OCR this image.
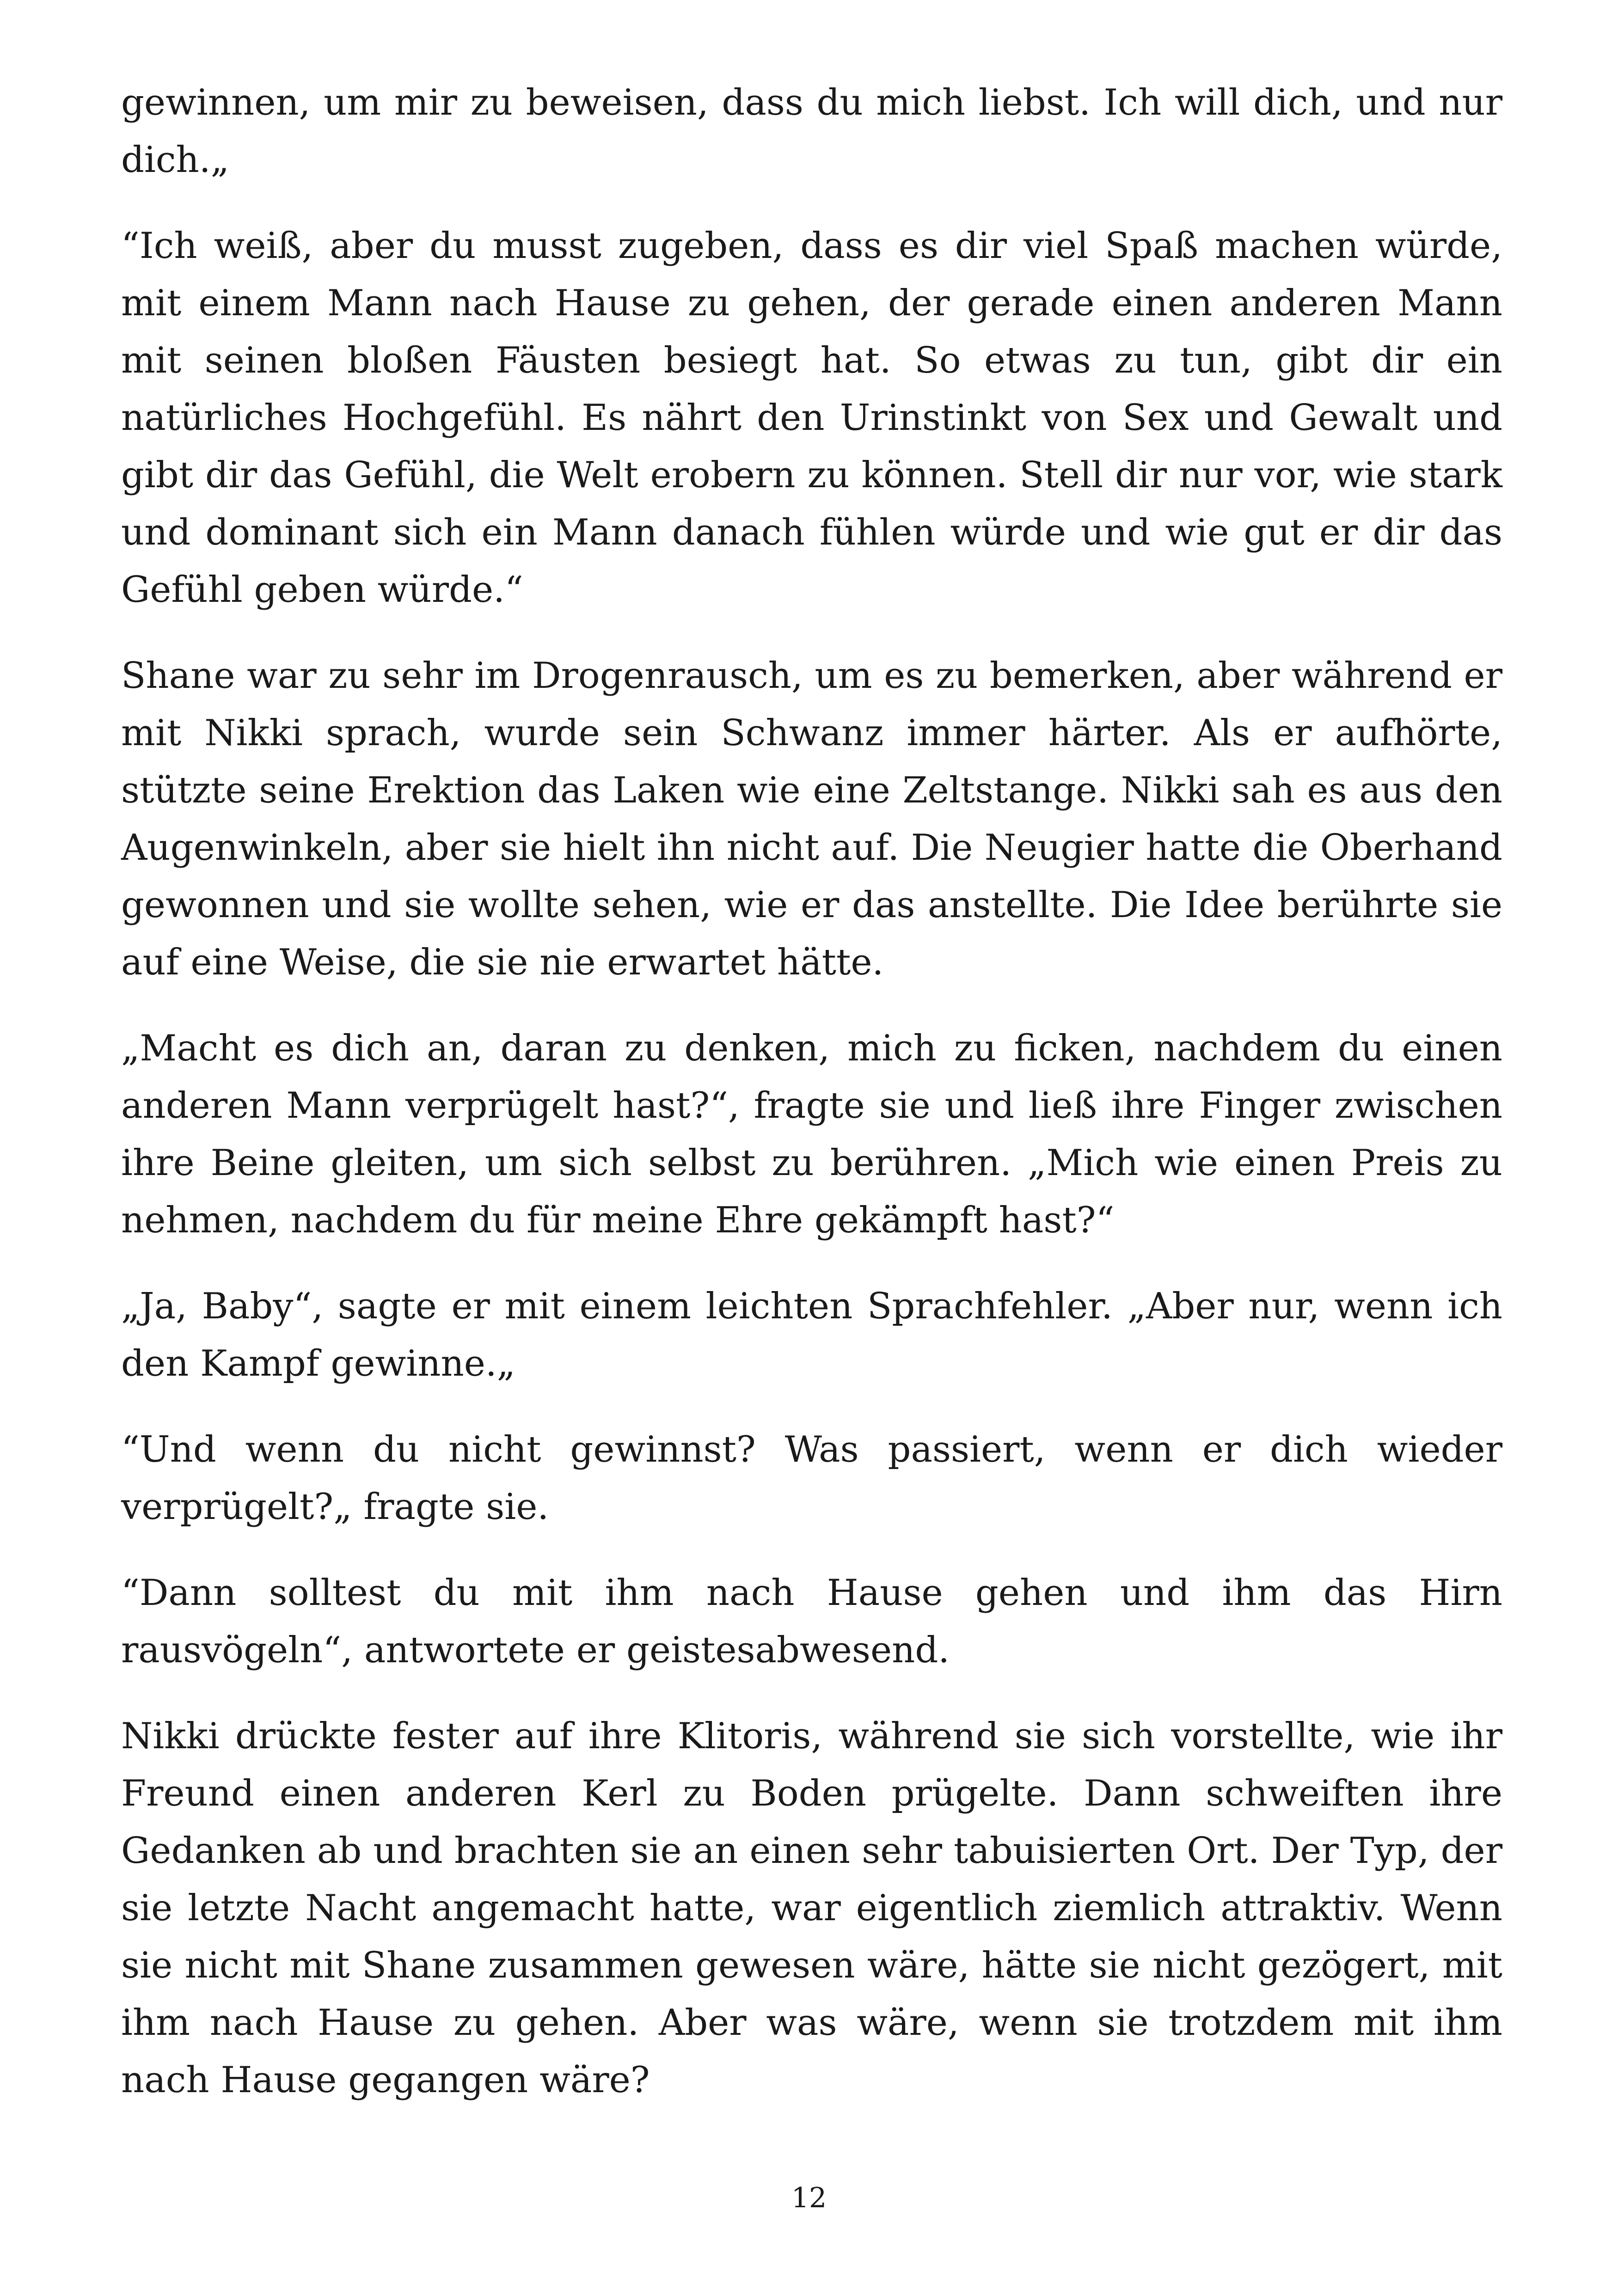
gewinnen, um mir zu beweisen, dass du mich liebst. Ich will dich, und nur dich.„

“Ich weiß, aber du musst zugeben, dass es dir viel Spaß machen würde, mit einem Mann nach Hause zu gehen, der gerade einen anderen Mann mit seinen bloßen Fäusten besiegt hat. So etwas zu tun, gibt dir ein natürliches Hochgefühl. Es nährt den Urinstinkt von Sex und Gewalt und gibt dir das Gefühl, die Welt erobern zu können. Stell dir nur vor, wie stark und dominant sich ein Mann danach fühlen würde und wie gut er dir das Gefühl geben würde.“

Shane war zu sehr im Drogenrausch, um es zu bemerken, aber während er mit Nikki sprach, wurde sein Schwanz immer härter. Als er aufhörte, stützte seine Erektion das Laken wie eine Zeltstange. Nikki sah es aus den Augenwinkeln, aber sie hielt ihn nicht auf. Die Neugier hatte die Oberhand gewonnen und sie wollte sehen, wie er das anstellte. Die Idee berührte sie auf eine Weise, die sie nie erwartet hätte.

„Macht es dich an, daran zu denken, mich zu ficken, nachdem du einen anderen Mann verprügelt hast?“, fragte sie und ließ ihre Finger zwischen ihre Beine gleiten, um sich selbst zu berühren. „Mich wie einen Preis zu nehmen, nachdem du für meine Ehre gekämpft hast?“

„Ja, Baby“, sagte er mit einem leichten Sprachfehler. „Aber nur, wenn ich den Kampf gewinne.„

“Und wenn du nicht gewinnst? Was passiert, wenn er dich wieder verprügelt?„ fragte sie.

“Dann solltest du mit ihm nach Hause gehen und ihm das Hirn rausvögeln“, antwortete er geistesabwesend.

Nikki drückte fester auf ihre Klitoris, während sie sich vorstellte, wie ihr Freund einen anderen Kerl zu Boden prügelte. Dann schweiften ihre Gedanken ab und brachten sie an einen sehr tabuisierten Ort. Der Typ, der sie letzte Nacht angemacht hatte, war eigentlich ziemlich attraktiv. Wenn sie nicht mit Shane zusammen gewesen wäre, hätte sie nicht gezögert, mit ihm nach Hause zu gehen. Aber was wäre, wenn sie trotzdem mit ihm nach Hause gegangen wäre?

12
